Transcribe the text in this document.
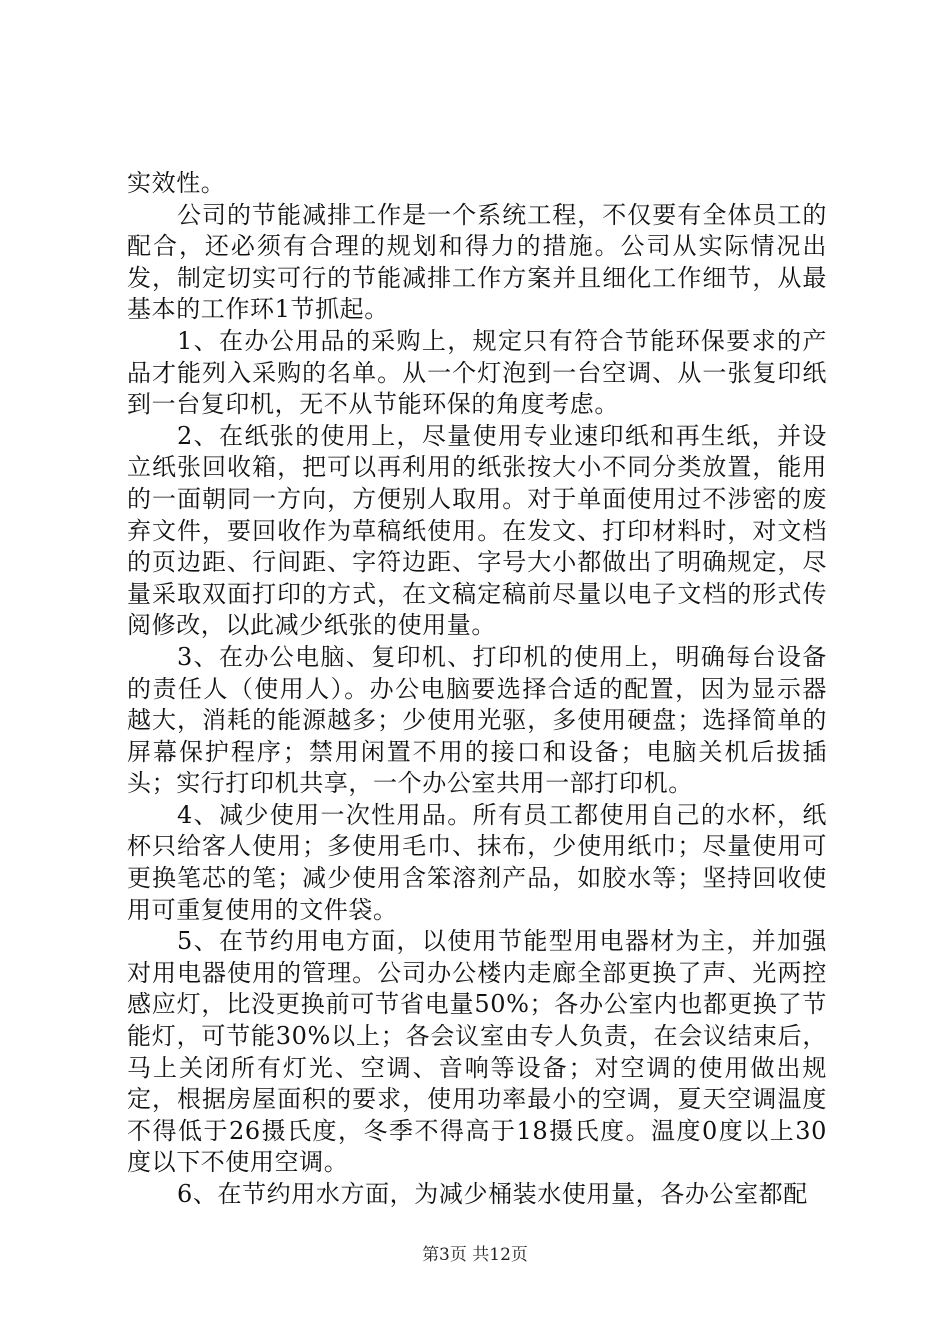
实效性。

公司的节能减排工作是一个系统工程，不仅要有全体员工的配合，还必须有合理的规划和得力的措施。公司从实际情况出发，制定切实可行的节能减排工作方案并且细化工作细节，从最基本的工作环1节抓起。

1、在办公用品的采购上，规定只有符合节能环保要求的产品才能列入采购的名单。从一个灯泡到一台空调、从一张复印纸到一台复印机，无不从节能环保的角度考虑。

2、在纸张的使用上，尽量使用专业速印纸和再生纸，并设立纸张回收箱，把可以再利用的纸张按大小不同分类放置，能用的一面朝同一方向，方便别人取用。对于单面使用过不涉密的废弃文件，要回收作为草稿纸使用。在发文、打印材料时，对文档的页边距、行间距、字符边距、字号大小都做出了明确规定，尽量采取双面打印的方式，在文稿定稿前尽量以电子文档的形式传阅修改，以此减少纸张的使用量。

3、在办公电脑、复印机、打印机的使用上，明确每台设备的责任人（使用人）。办公电脑要选择合适的配置，因为显示器越大，消耗的能源越多；少使用光驱，多使用硬盘；选择简单的屏幕保护程序；禁用闲置不用的接口和设备；电脑关机后拔插头；实行打印机共享，一个办公室共用一部打印机。

4、减少使用一次性用品。所有员工都使用自己的水杯，纸杯只给客人使用；多使用毛巾、抹布，少使用纸巾；尽量使用可更换笔芯的笔；减少使用含笨溶剂产品，如胶水等；坚持回收使用可重复使用的文件袋。

5、在节约用电方面，以使用节能型用电器材为主，并加强对用电器使用的管理。公司办公楼内走廊全部更换了声、光两控感应灯，比没更换前可节省电量50%；各办公室内也都更换了节能灯，可节能30%以上；各会议室由专人负责，在会议结束后，马上关闭所有灯光、空调、音响等设备；对空调的使用做出规定，根据房屋面积的要求，使用功率最小的空调，夏天空调温度不得低于26摄氏度，冬季不得高于18摄氏度。温度0度以上30度以下不使用空调。

6、在节约用水方面，为减少桶装水使用量，各办公室都配

第3页 共12页
